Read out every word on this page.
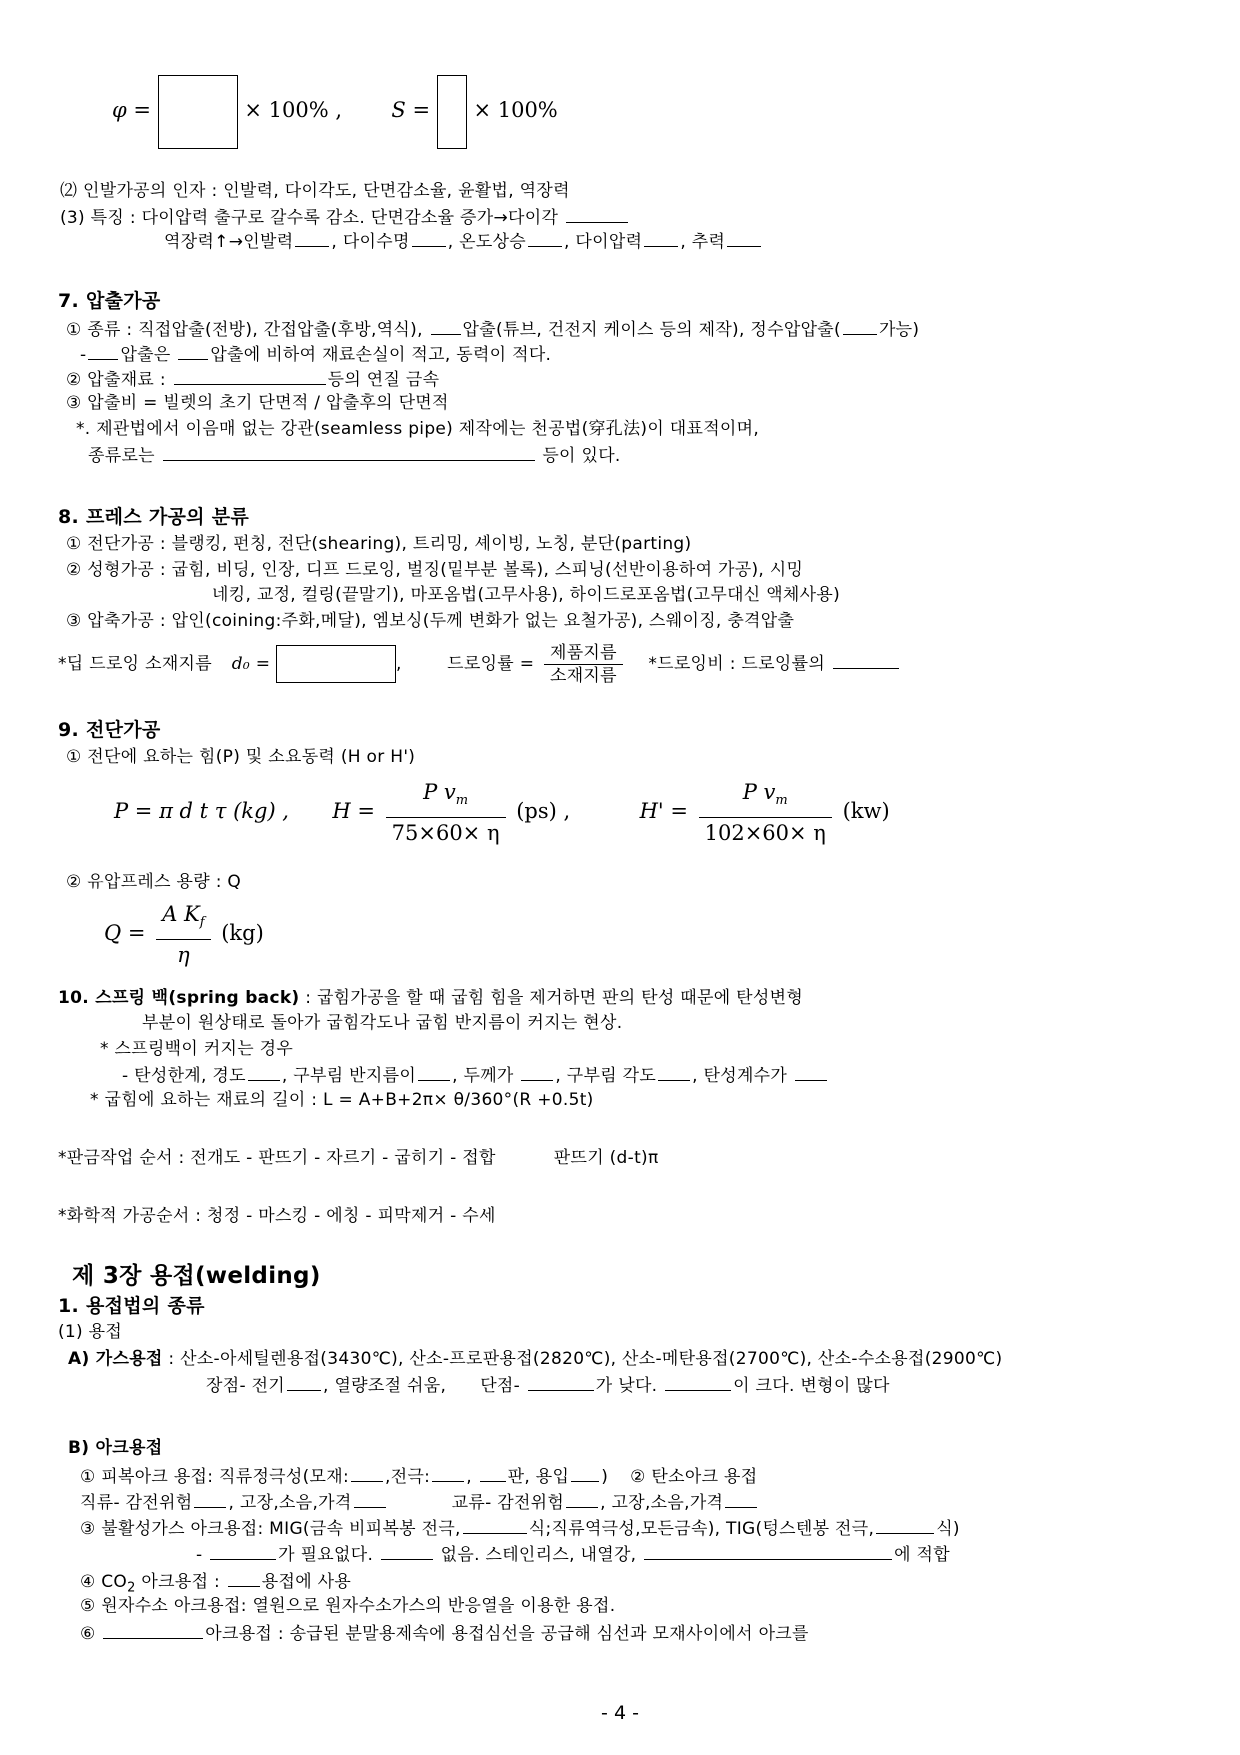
φ =	× 100% , S = × 100%
⑵ 인발가공의 인자 : 인발력, 다이각도, 단면감소율, 윤활법, 역장력
(3) 특징 : 다이압력 출구로 갈수록 감소. 단면감소율 증가→다이각
역장력↑→인발력 , 다이수명 , 온도상승 , 다이압력 , 추력
7. 압출가공
① 종류 : 직접압출(전방), 간접압출(후방,역식), 압출(튜브, 건전지 케이스 등의 제작), 정수압압출( 가능)
- 압출은 압출에 비하여 재료손실이 적고, 동력이 적다.
② 압출재료 :	등의 연질 금속
③ 압출비 = 빌렛의 초기 단면적 / 압출후의 단면적
*. 제관법에서 이음매 없는 강관(seamless pipe) 제작에는 천공법(穿孔法)이 대표적이며,
종류로는	등이 있다.
8. 프레스 가공의 분류
① 전단가공 : 블랭킹, 펀칭, 전단(shearing), 트리밍, 셰이빙, 노칭, 분단(parting)
② 성형가공 : 굽힘, 비딩, 인장, 디프 드로잉, 벌징(밑부분 볼록), 스피닝(선반이용하여 가공), 시밍
네킹, 교정, 컬링(끝말기), 마포옴법(고무사용), 하이드로포옴법(고무대신 액체사용)
③ 압축가공 : 압인(coining:주화,메달), 엠보싱(두께 변화가 없는 요철가공), 스웨이징, 충격압출
*딥 드로잉 소재지름 d₀ =	,	드로잉률 = $\frac{\text{제품지름}}{\text{소재지름}}$ *드로잉비 : 드로잉률의
9. 전단가공
① 전단에 요하는 힘(P) 및 소요동력 (H or H')
P = π d t τ (kg) , $H = \frac{P v_m}{75\times 60\times \eta} (ps)$ ,	$H' = \frac{P v_m}{102\times 60\times \eta} (kw)$
② 유압프레스 용량 : Q
$Q = \frac{A K_f}{\eta} (kg)$
10. 스프링 백(spring back) : 굽힘가공을 할 때 굽힘 힘을 제거하면 판의 탄성 때문에 탄성변형
부분이 원상태로 돌아가 굽힘각도나 굽힘 반지름이 커지는 현상.
* 스프링백이 커지는 경우
- 탄성한계, 경도 , 구부림 반지름이 , 두께가 , 구부림 각도 , 탄성계수가
* 굽힘에 요하는 재료의 길이 : L = A+B+2π× θ/360°(R +0.5t)
*판금작업 순서 : 전개도 - 판뜨기 - 자르기 - 굽히기 - 접합	판뜨기 (d-t)π
*화학적 가공순서 : 청정 - 마스킹 - 에칭 - 피막제거 - 수세
제 3장 용접(welding)
1. 용접법의 종류
(1) 용접
A) 가스용접 : 산소-아세틸렌용접(3430℃), 산소-프로판용접(2820℃), 산소-메탄용접(2700℃), 산소-수소용접(2900℃)
장점- 전기 , 열량조절 쉬움, 단점-	가 낮다.	이 크다. 변형이 많다
B) 아크용접
① 피복아크 용접: 직류정극성(모재: ,전극: , 판, 용입 ) ② 탄소아크 용접
직류- 감전위험 , 고장,소음,가격	교류- 감전위험 , 고장,소음,가격
③ 불활성가스 아크용접: MIG(금속 비피복봉 전극,	식;직류역극성,모든금속), TIG(텅스텐봉 전극,	식)
-	가 필요없다.	없음. 스테인리스, 내열강,	에 적합
④ $CO_2$ 아크용접 : 용접에 사용
⑤ 원자수소 아크용접: 열원으로 원자수소가스의 반응열을 이용한 용접.
⑥	아크용접 : 송급된 분말용제속에 용접심선을 공급해 심선과 모재사이에서 아크를
- 4 -
